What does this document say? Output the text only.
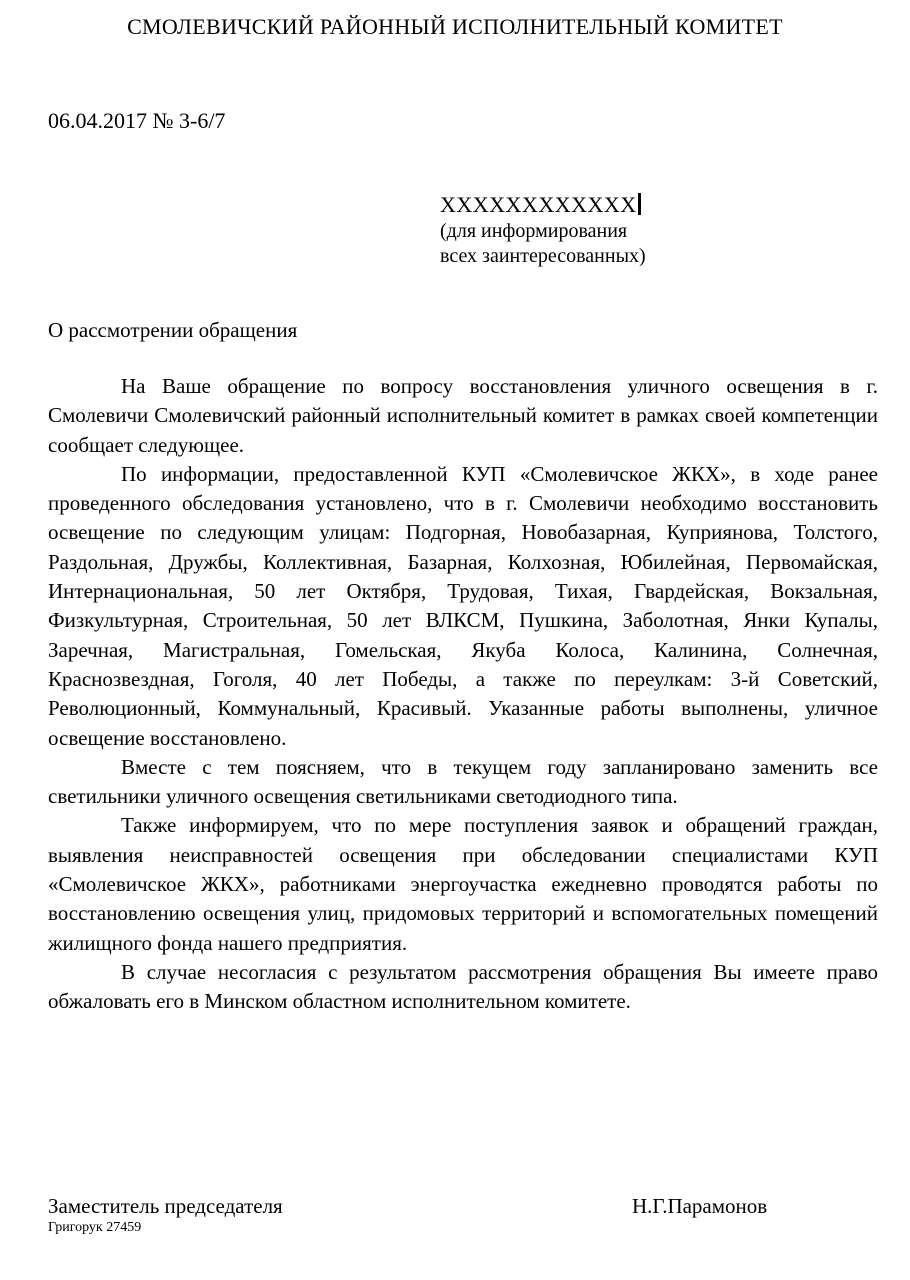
СМОЛЕВИЧСКИЙ РАЙОННЫЙ ИСПОЛНИТЕЛЬНЫЙ КОМИТЕТ
06.04.2017 № 3-6/7
ХХХХХХХХХХХХ
(для информирования
всех заинтересованных)
О рассмотрении обращения

На Ваше обращение по вопросу восстановления уличного освещения в г. Смолевичи Смолевичский районный исполнительный комитет в рамках своей компетенции сообщает следующее.

По информации, предоставленной КУП «Смолевичское ЖКХ», в ходе ранее проведенного обследования установлено, что в г. Смолевичи необходимо восстановить освещение по следующим улицам: Подгорная, Новобазарная, Куприянова, Толстого, Раздольная, Дружбы, Коллективная, Базарная, Колхозная, Юбилейная, Первомайская, Интернациональная, 50 лет Октября, Трудовая, Тихая, Гвардейская, Вокзальная, Физкультурная, Строительная, 50 лет ВЛКСМ, Пушкина, Заболотная, Янки Купалы, Заречная, Магистральная, Гомельская, Якуба Колоса, Калинина, Солнечная, Краснозвездная, Гоголя, 40 лет Победы, а также по переулкам: 3-й Советский, Революционный, Коммунальный, Красивый. Указанные работы выполнены, уличное освещение восстановлено.

Вместе с тем поясняем, что в текущем году запланировано заменить все светильники уличного освещения светильниками светодиодного типа.

Также информируем, что по мере поступления заявок и обращений граждан, выявления неисправностей освещения при обследовании специалистами КУП «Смолевичское ЖКХ», работниками энергоучастка ежедневно проводятся работы по восстановлению освещения улиц, придомовых территорий и вспомогательных помещений жилищного фонда нашего предприятия.

В случае несогласия с результатом рассмотрения обращения Вы имеете право обжаловать его в Минском областном исполнительном комитете.

Заместитель председателя	Н.Г.Парамонов
Григорук 27459
